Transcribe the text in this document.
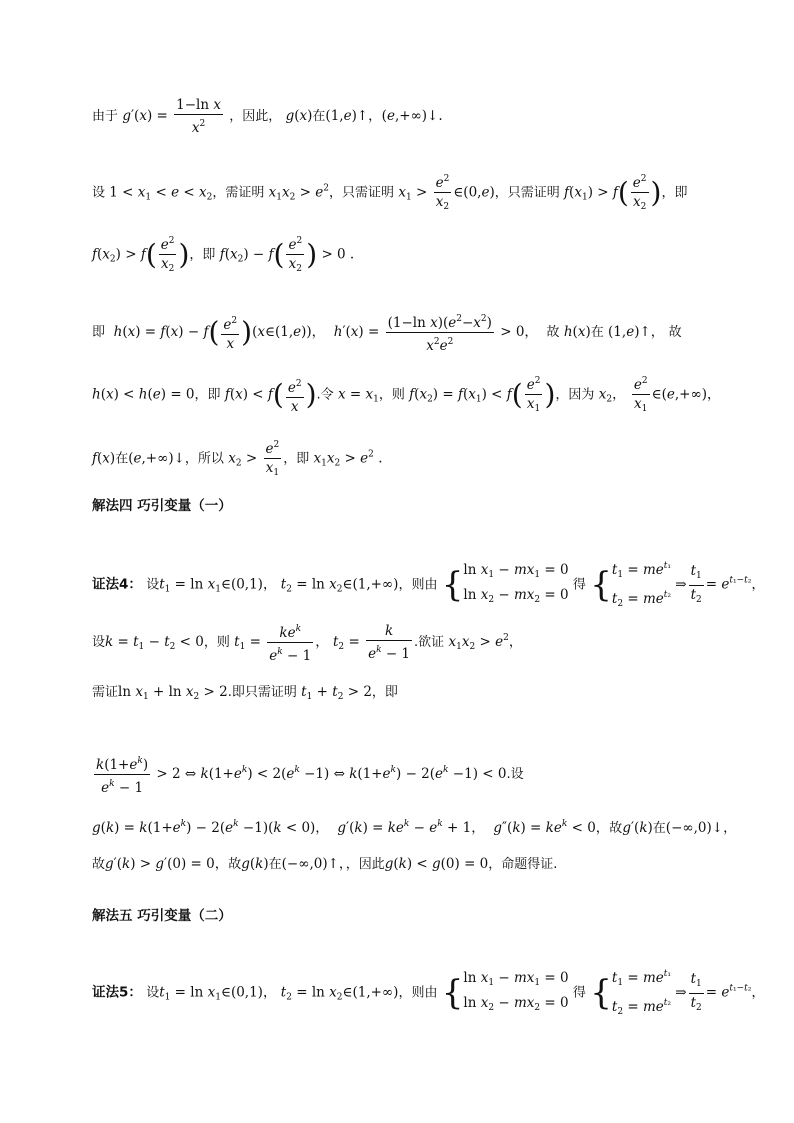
由于 $g'(x) = \frac{\text{1−ln x}}{x^2}$ ，因此， g(x)在(1,e)↑，(e,+∞)↓.
设 $1 < x_1 < e < x_2$，需证明 $x_1x_2 > e^2$，只需证明 $x_1 > \frac{e^2}{x_2}$ ∈(0,e)，只需证明 $f(x_1) > f( \frac{e^2}{x_2}$ )，即
$f(x_2) > f( \frac{e^2}{x_2}$ )，即 $f(x_2) - f( \frac{e^2}{x_2}$ ) > 0 .
即 $h(x) = f(x) - f( \frac{e^2}{x}$ )(x∈(1,e))，  $h'(x) = \frac{(1-\ln x)(e^2-x^2)}{x^2e^2} > 0$，  故 h(x)在 (1,e)↑， 故
h(x) < h(e) = 0，即 $f(x) < f( \frac{e^2}{x}$ ).令 $x = x_1$，则 $f(x_2) = f(x_1) < f( \frac{e^2}{x_1}$ )，因为 $x_2$， $\frac{e^2}{x_1}$ ∈(e,+∞)，
f(x)在(e,+∞)↓，所以 $x_2 > \frac{e^2}{x_1}$ ，即 $x_1x_2 > e^2$ .
解法四 巧引变量（一）
证法4： 设$t_1 = \ln$ $x_1\in(0,1)$， $t_2 = \ln$ $x_2\in(1,+\infty)$，则由 {ln $x_1 - mx_1 = 0$
$\ln x_2 - mx_2 = 0$ 得 {$t_1 = me^{t_1}$
$t_2 = me^{t_2}$ ⇒ $\frac{t_1}{t_2} = e^{t_1-t_2}$，
设$k = t_1 - t_2 < 0$，则 $t_1$ =
$ke^k$
$e^k - 1$
， $t_2 = \frac{k}{e^k - 1}$ .欲证 $x_1x_2 > e^2$，
需证$\ln x_1 + \ln x_2 > 2$.即只需证明 $t_1 + t_2 > 2$，即
$\frac{k(1+e^k)}{e^k - 1} > 2$ ⇔ $k(1+e^k) < 2(e^k -1)$ ⇔ $k(1+e^k) - 2(e^k -1) < 0$.设
$g(k) = k(1+e^k) - 2(e^k -1)(k < 0)$，  $g'(k) = ke^k - e^k + 1$，  $g''(k) = ke^k < 0$，故g′(k)在(−∞,0)↓，
故g′(k) > g′(0) = 0，故g(k)在(−∞,0)↑，，因此g(k) < g(0) = 0，命题得证.
解法五 巧引变量（二）
证法5： 设$t_1 = \ln$ $x_1\in(0,1)$， $t_2 = \ln$ $x_2\in(1,+\infty)$，则由 {ln $x_1 - mx_1 = 0$
$\ln x_2 - mx_2 = 0$ 得 {$t_1 = me^{t_1}$
$t_2 = me^{t_2}$ ⇒ $\frac{t_1}{t_2} = e^{t_1-t_2}$，
